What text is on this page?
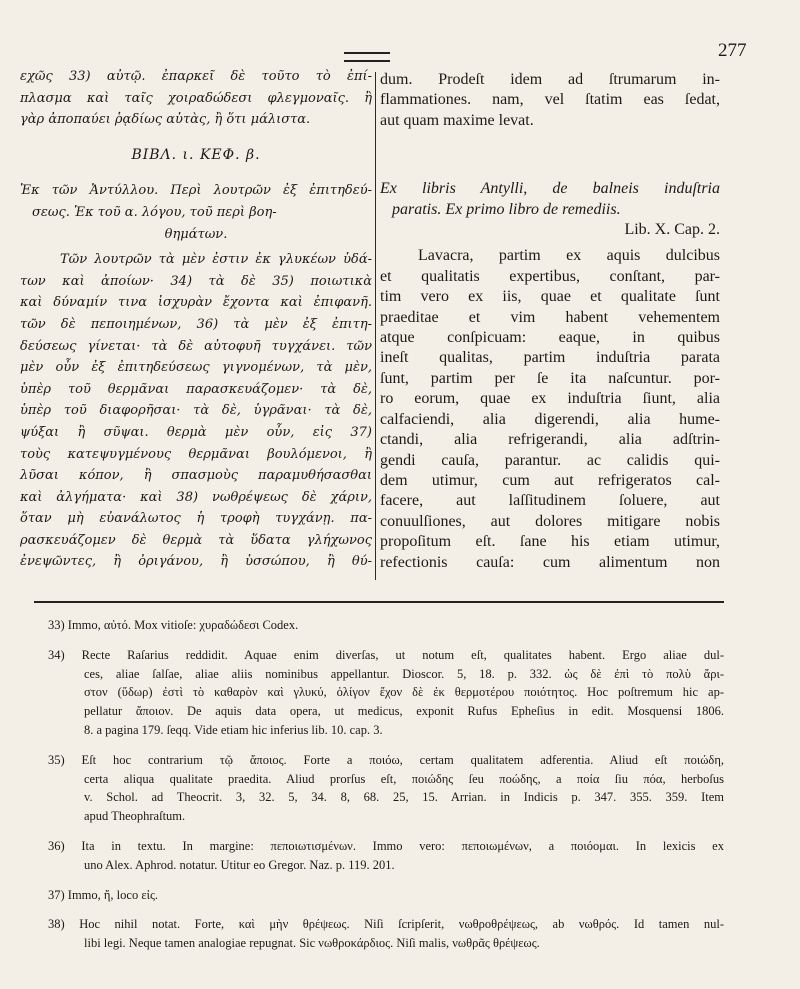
277
εχῶς 33) αὐτῷ. ἐπαρκεῖ δὲ τοῦτο τὸ ἐπί-
πλασμα καὶ ταῖς χοιραδώδεσι φλεγμοναῖς. ἢ
γὰρ ἀποπαύει ῥᾳδίως αὐτὰς, ἢ ὅτι μάλιστα.
ΒΙΒΛ. ι. ΚΕΦ. β.
Ἐκ τῶν Ἀντύλλου. Περὶ λουτρῶν ἐξ ἐπιτηδεύ-
σεως. Ἐκ τοῦ α. λόγου, τοῦ περὶ βοη-
θημάτων.
Τῶν λουτρῶν τὰ μὲν ἐστιν ἐκ γλυκέων ὑδά-
των καὶ ἀποίων· 34) τὰ δὲ 35) ποιωτικὰ
καὶ δύναμίν τινα ἰσχυρὰν ἔχοντα καὶ ἐπιφανῆ.
τῶν δὲ πεποιημένων, 36) τὰ μὲν ἐξ ἐπιτη-
δεύσεως γίνεται· τὰ δὲ αὐτοφυῆ τυγχάνει. τῶν
μὲν οὖν ἐξ ἐπιτηδεύσεως γιγνομένων, τὰ μὲν,
ὑπὲρ τοῦ θερμᾶναι παρασκευάζομεν· τὰ δὲ,
ὑπὲρ τοῦ διαφορῆσαι· τὰ δὲ, ὑγρᾶναι· τὰ δὲ,
ψύξαι ἢ σῦψαι. θερμὰ μὲν οὖν, εἰς 37)
τοὺς κατεψυγμένους θερμᾶναι βουλόμενοι, ἢ
λῦσαι κόπον, ἢ σπασμοὺς παραμυθήσασθαι
καὶ ἀλγήματα· καὶ 38) νωθρέψεως δὲ χάριν,
ὅταν μὴ εὐανάλωτος ἡ τροφὴ τυγχάνῃ. πα-
ρασκευάζομεν δὲ θερμὰ τὰ ὕδατα γλήχωνος
ἐνεψῶντες, ἢ ὀριγάνου, ἢ ὑσσώπου, ἢ θύ-
dum. Prodeſt idem ad ſtrumarum in-
flammationes. nam, vel ſtatim eas ſedat,
aut quam maxime levat.
Ex libris Antylli, de balneis induſtria
paratis. Ex primo libro de remediis.
Lib. X. Cap. 2.
Lavacra, partim ex aquis dulcibus
et qualitatis expertibus, conſtant, par-
tim vero ex iis, quae et qualitate ſunt
praeditae et vim habent vehementem
atque conſpicuam: eaque, in quibus
ineſt qualitas, partim induſtria parata
ſunt, partim per ſe ita naſcuntur. por-
ro eorum, quae ex induſtria ſiunt, alia
calfaciendi, alia digerendi, alia hume-
ctandi, alia refrigerandi, alia adſtrin-
gendi cauſa, parantur. ac calidis qui-
dem utimur, cum aut refrigeratos cal-
facere, aut laſſitudinem ſoluere, aut
conuulſiones, aut dolores mitigare nobis
propoſitum eſt. ſane his etiam utimur,
refectionis cauſa: cum alimentum non
33) Immo, αὐτό. Mox vitioſe: χυραδώδεσι Codex.
34) Recte Raſarius reddidit. Aquae enim diverſas, ut notum eſt, qualitates habent. Ergo aliae dul-
ces, aliae ſalſae, aliae aliis nominibus appellantur. Dioscor. 5, 18. p. 332. ὡς δὲ ἐπὶ τὸ πολὺ ἄρι-
στον (ὕδωρ) ἐστὶ τὸ καθαρὸν καὶ γλυκύ, ὀλίγον ἔχον δὲ ἐκ θερμοτέρου ποιότητος. Hoc poſtremum hic ap-
pellatur ἄποιον. De aquis data opera, ut medicus, exponit Rufus Epheſius in edit. Mosquensi 1806.
8. a pagina 179. ſeqq. Vide etiam hic inferius lib. 10. cap. 3.
35) Eſt hoc contrarium τῷ ἄποιος. Forte a ποιόω, certam qualitatem adferentia. Aliud eſt ποιώδη,
certa aliqua qualitate praedita. Aliud prorſus eſt, ποιώδης ſeu ποώδης, a ποία ſiu πόα, herboſus
v. Schol. ad Theocrit. 3, 32. 5, 34. 8, 68. 25, 15. Arrian. in Indicis p. 347. 355. 359. Item
apud Theophraſtum.
36) Ita in textu. In margine: πεποιωτισμένων. Immo vero: πεποιωμένων, a ποιόομαι. In lexicis ex
uno Alex. Aphrod. notatur. Utitur eo Gregor. Naz. p. 119. 201.
37) Immo, ἤ, loco εἰς.
38) Hoc nihil notat. Forte, καὶ μὴν θρέψεως. Niſi ſcripſerit, νωθροθρέψεως, ab νωθρός. Id tamen nul-
libi legi. Neque tamen analogiae repugnat. Sic νωθροκάρδιος. Niſi malis, νωθρᾶς θρέψεως.
